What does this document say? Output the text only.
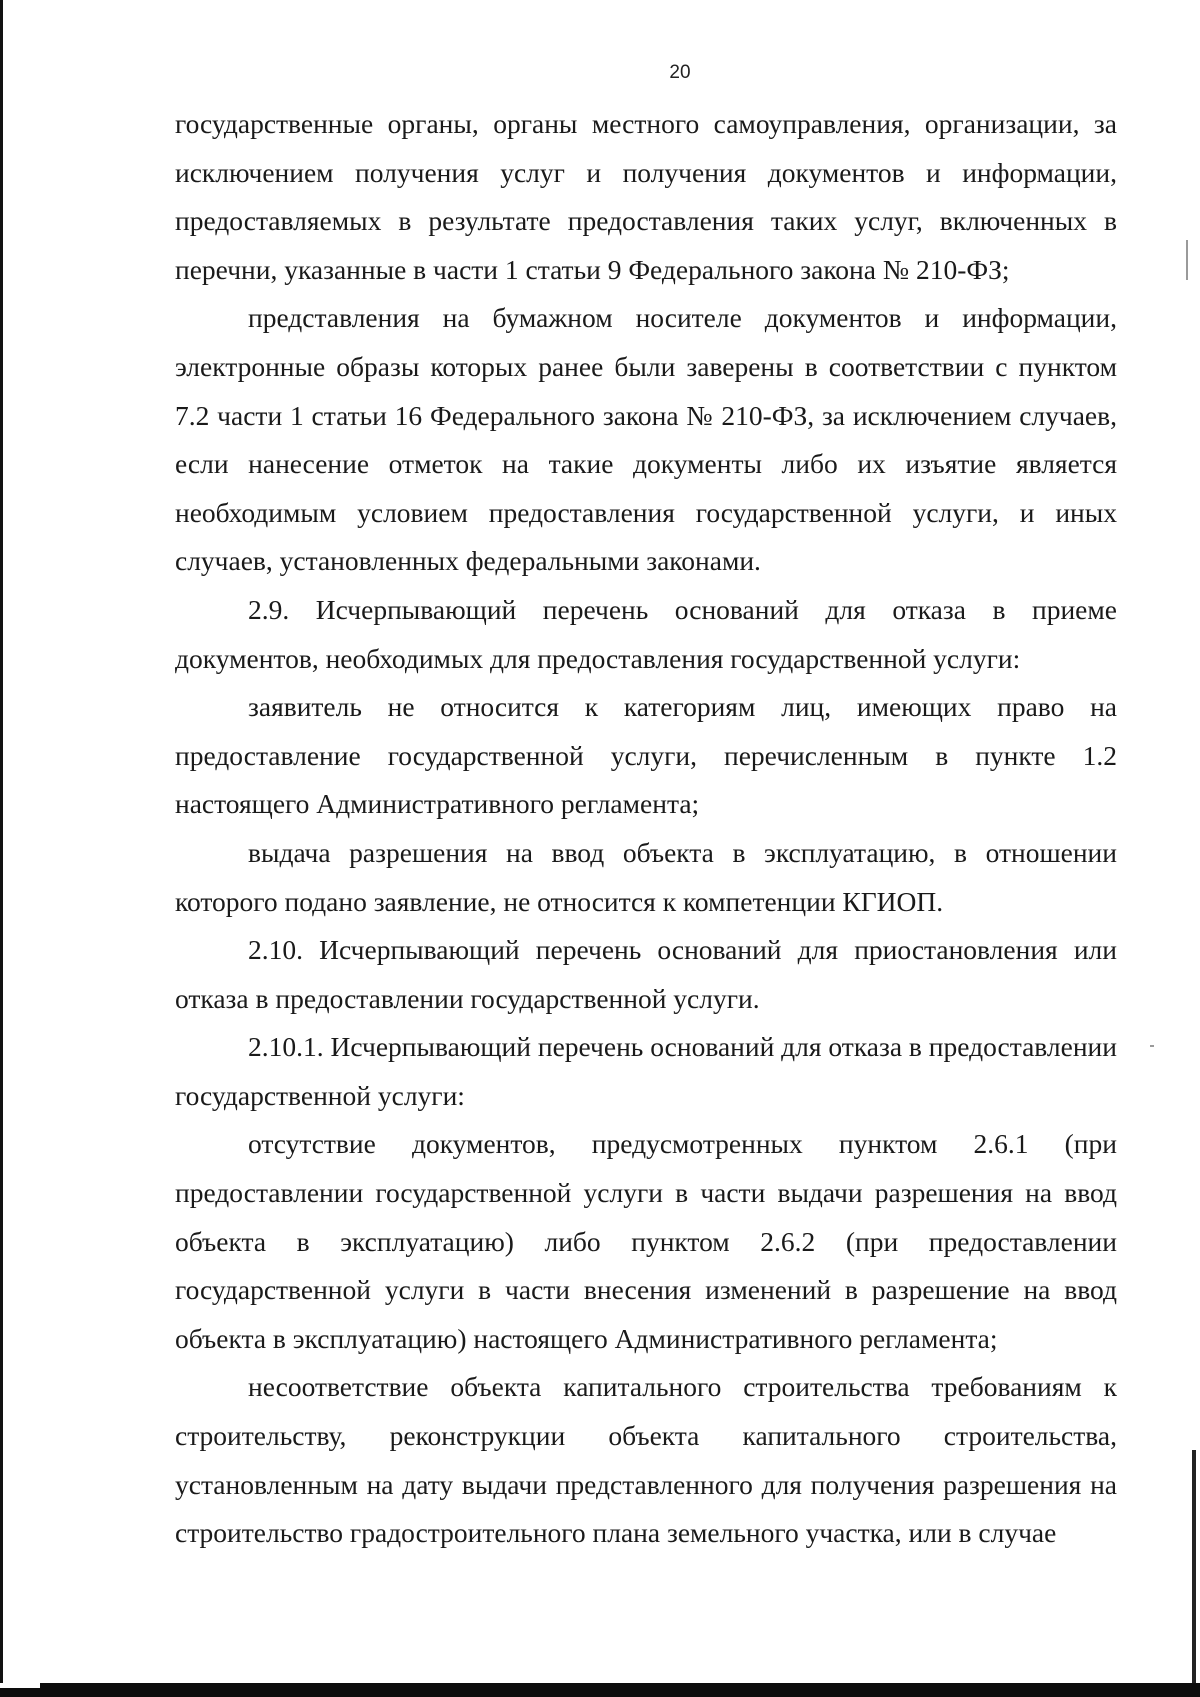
20

государственные органы, органы местного самоуправления, организации, за исключением получения услуг и получения документов и информации, предоставляемых в результате предоставления таких услуг, включенных в перечни, указанные в части 1 статьи 9 Федерального закона № 210-ФЗ;

представления на бумажном носителе документов и информации, электронные образы которых ранее были заверены в соответствии с пунктом 7.2 части 1 статьи 16 Федерального закона № 210-ФЗ, за исключением случаев, если нанесение отметок на такие документы либо их изъятие является необходимым условием предоставления государственной услуги, и иных случаев, установленных федеральными законами.

2.9. Исчерпывающий перечень оснований для отказа в приеме документов, необходимых для предоставления государственной услуги:

заявитель не относится к категориям лиц, имеющих право на предоставление государственной услуги, перечисленным в пункте 1.2 настоящего Административного регламента;

выдача разрешения на ввод объекта в эксплуатацию, в отношении которого подано заявление, не относится к компетенции КГИОП.

2.10. Исчерпывающий перечень оснований для приостановления или отказа в предоставлении государственной услуги.

2.10.1. Исчерпывающий перечень оснований для отказа в предоставлении государственной услуги:

отсутствие документов, предусмотренных пунктом 2.6.1 (при предоставлении государственной услуги в части выдачи разрешения на ввод объекта в эксплуатацию) либо пунктом 2.6.2 (при предоставлении государственной услуги в части внесения изменений в разрешение на ввод объекта в эксплуатацию) настоящего Административного регламента;

несоответствие объекта капитального строительства требованиям к строительству, реконструкции объекта капитального строительства, установленным на дату выдачи представленного для получения разрешения на строительство градостроительного плана земельного участка, или в случае
